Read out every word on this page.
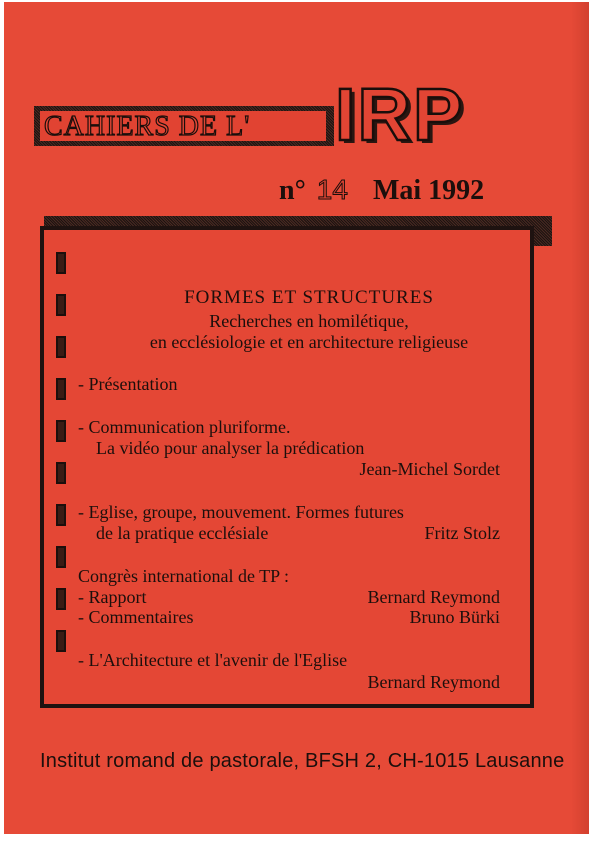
CAHIERS DE L' IRP
n° 14 Mai 1992
FORMES ET STRUCTURES
Recherches en homilétique,
en ecclésiologie et en architecture religieuse
- Présentation
- Communication pluriforme.
La vidéo pour analyser la prédication
Jean-Michel Sordet
- Eglise, groupe, mouvement. Formes futures
de la pratique ecclésiale	Fritz Stolz
Congrès international de TP :
- Rapport	Bernard Reymond
- Commentaires	Bruno Bürki
- L'Architecture et l'avenir de l'Eglise
Bernard Reymond
Institut romand de pastorale, BFSH 2, CH-1015 Lausanne
